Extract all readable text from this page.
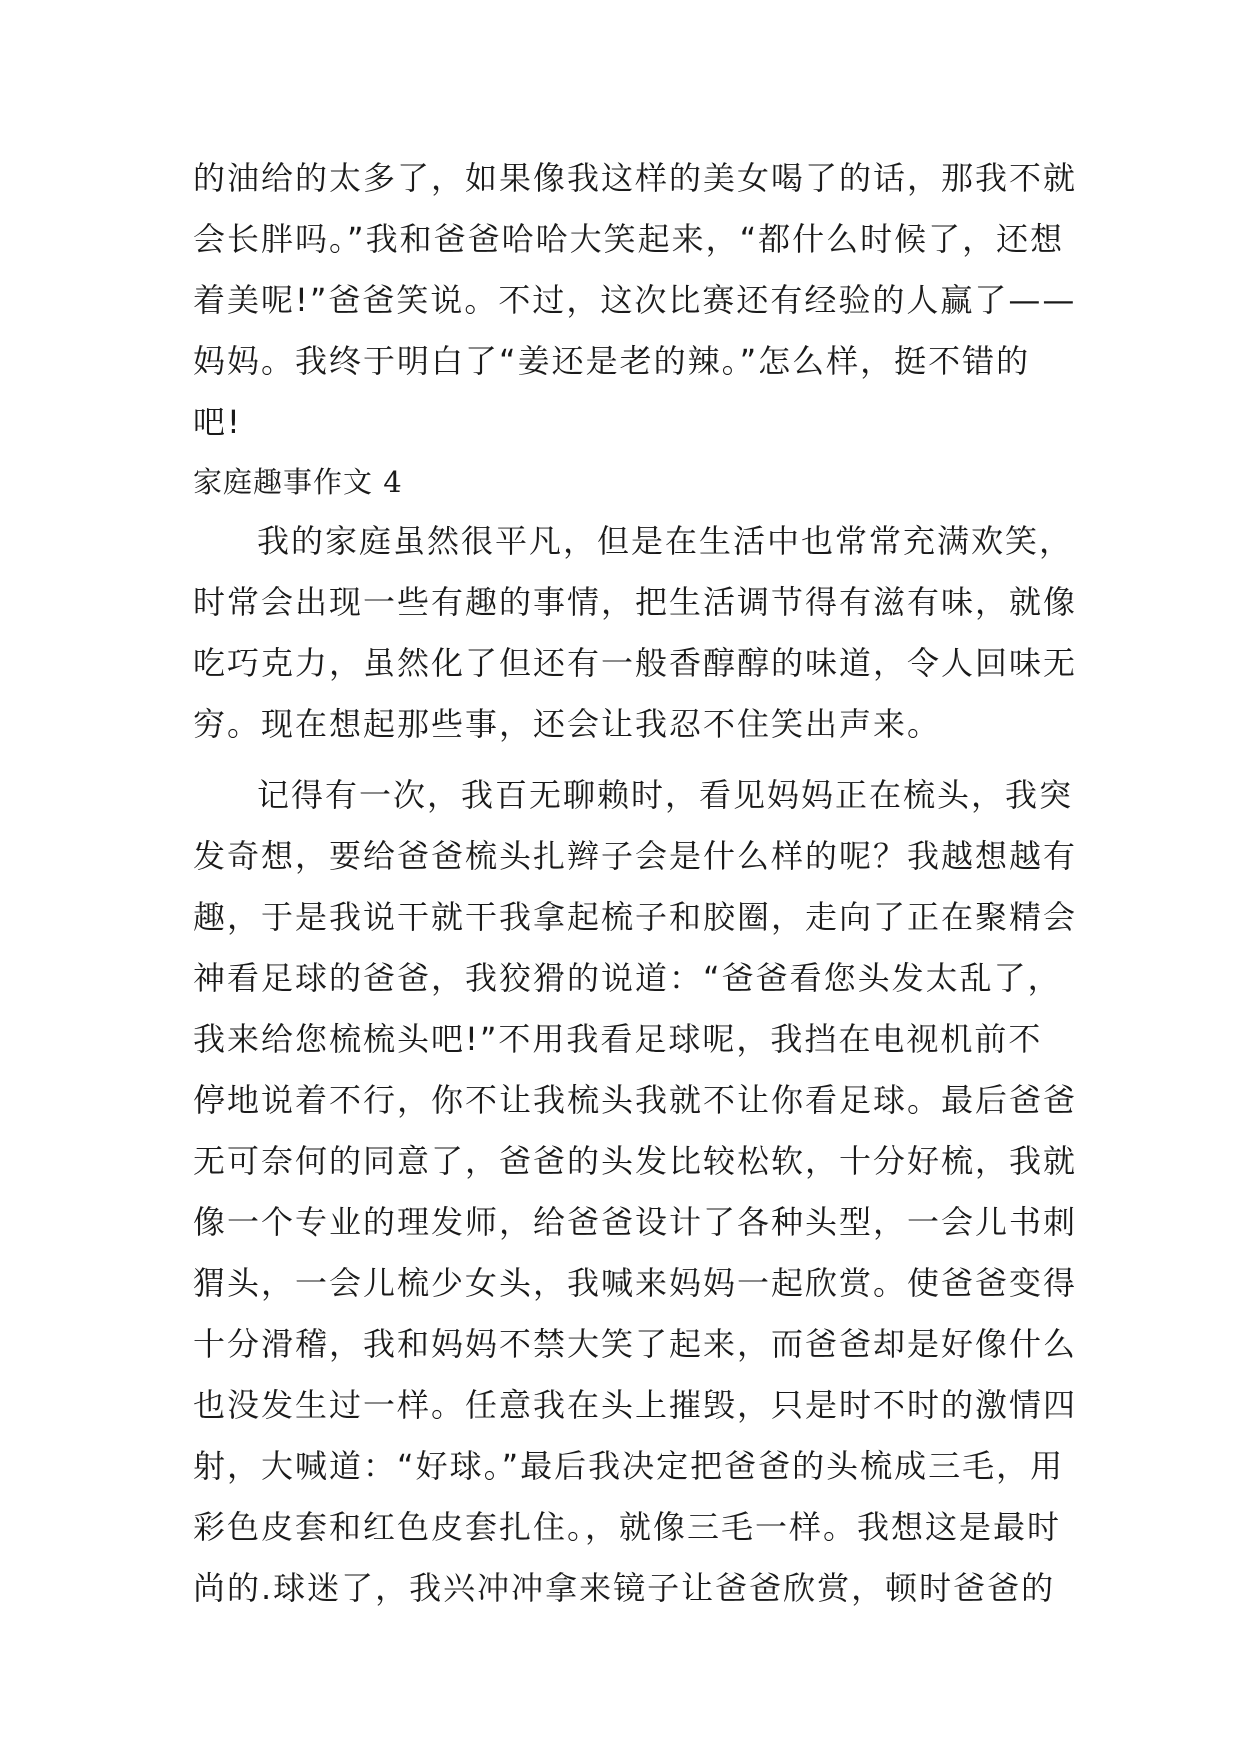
的油给的太多了，如果像我这样的美女喝了的话，那我不就
会长胖吗。”我和爸爸哈哈大笑起来，“都什么时候了，还想
着美呢!”爸爸笑说。不过，这次比赛还有经验的人赢了——
妈妈。我终于明白了“姜还是老的辣。”怎么样，挺不错的
吧!
家庭趣事作文 4
我的家庭虽然很平凡，但是在生活中也常常充满欢笑，
时常会出现一些有趣的事情，把生活调节得有滋有味，就像
吃巧克力，虽然化了但还有一般香醇醇的味道，令人回味无
穷。现在想起那些事，还会让我忍不住笑出声来。
记得有一次，我百无聊赖时，看见妈妈正在梳头，我突
发奇想，要给爸爸梳头扎辫子会是什么样的呢？我越想越有
趣，于是我说干就干我拿起梳子和胶圈，走向了正在聚精会
神看足球的爸爸，我狡猾的说道：“爸爸看您头发太乱了，
我来给您梳梳头吧!”不用我看足球呢，我挡在电视机前不
停地说着不行，你不让我梳头我就不让你看足球。最后爸爸
无可奈何的同意了，爸爸的头发比较松软，十分好梳，我就
像一个专业的理发师，给爸爸设计了各种头型，一会儿书刺
猬头，一会儿梳少女头，我喊来妈妈一起欣赏。使爸爸变得
十分滑稽，我和妈妈不禁大笑了起来，而爸爸却是好像什么
也没发生过一样。任意我在头上摧毁，只是时不时的激情四
射，大喊道：“好球。”最后我决定把爸爸的头梳成三毛，用
彩色皮套和红色皮套扎住。，就像三毛一样。我想这是最时
尚的.球迷了，我兴冲冲拿来镜子让爸爸欣赏，顿时爸爸的
